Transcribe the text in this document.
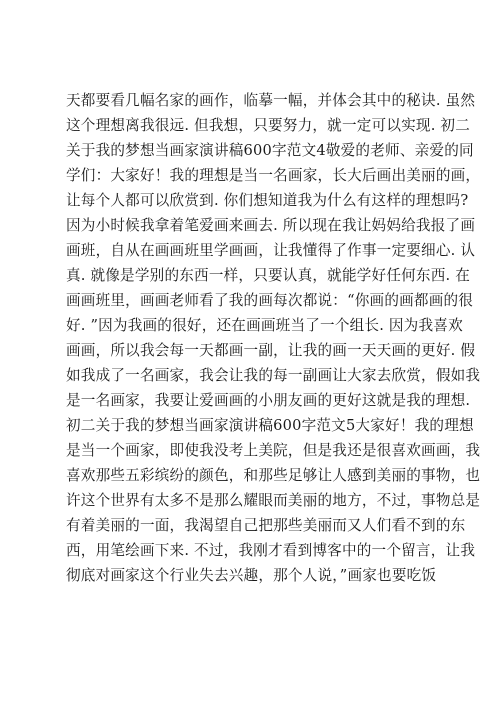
天都要看几幅名家的画作，临摹一幅，并体会其中的秘诀. 虽然
这个理想离我很远. 但我想，只要努力，就一定可以实现. 初二
关于我的梦想当画家演讲稿600字范文4敬爱的老师、亲爱的同
学们：大家好！我的理想是当一名画家，长大后画出美丽的画，
让每个人都可以欣赏到. 你们想知道我为什么有这样的理想吗?
因为小时候我拿着笔爱画来画去. 所以现在我让妈妈给我报了画
画班，自从在画画班里学画画，让我懂得了作事一定要细心. 认
真. 就像是学别的东西一样，只要认真，就能学好任何东西. 在
画画班里，画画老师看了我的画每次都说：“你画的画都画的很
好. ”因为我画的很好，还在画画班当了一个组长. 因为我喜欢
画画，所以我会每一天都画一副，让我的画一天天画的更好. 假
如我成了一名画家，我会让我的每一副画让大家去欣赏，假如我
是一名画家，我要让爱画画的小朋友画的更好这就是我的理想.
初二关于我的梦想当画家演讲稿600字范文5大家好！我的理想
是当一个画家，即使我没考上美院，但是我还是很喜欢画画，我
喜欢那些五彩缤纷的颜色，和那些足够让人感到美丽的事物，也
许这个世界有太多不是那么耀眼而美丽的地方，不过，事物总是
有着美丽的一面，我渴望自己把那些美丽而又人们看不到的东
西，用笔绘画下来. 不过，我刚才看到博客中的一个留言，让我
彻底对画家这个行业失去兴趣，那个人说，”画家也要吃饭
